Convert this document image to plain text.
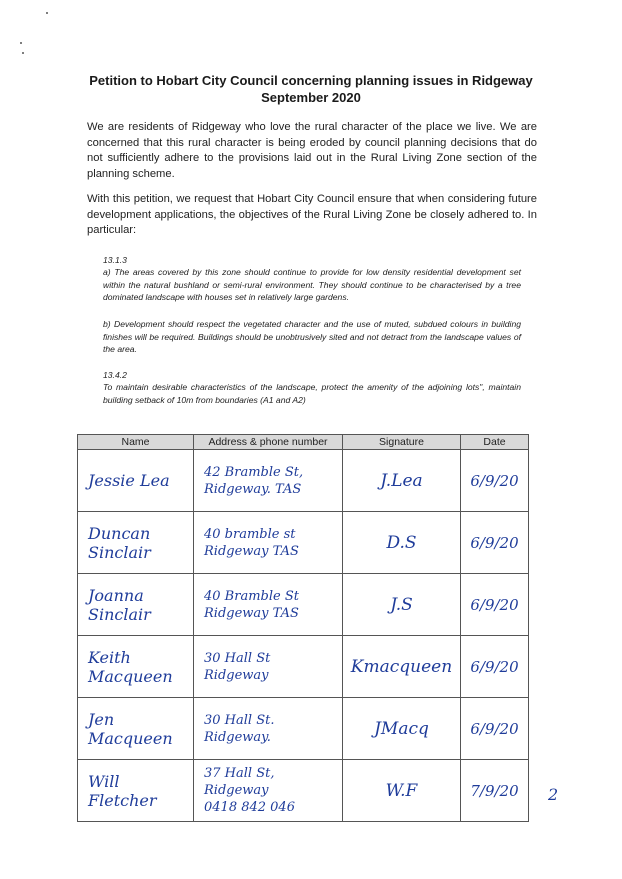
Petition to Hobart City Council concerning planning issues in Ridgeway
September 2020
We are residents of Ridgeway who love the rural character of the place we live. We are concerned that this rural character is being eroded by council planning decisions that do not sufficiently adhere to the provisions laid out in the Rural Living Zone section of the planning scheme.
With this petition, we request that Hobart City Council ensure that when considering future development applications, the objectives of the Rural Living Zone be closely adhered to. In particular:
13.1.3
a) The areas covered by this zone should continue to provide for low density residential development set within the natural bushland or semi-rural environment. They should continue to be characterised by a tree dominated landscape with houses set in relatively large gardens.
b) Development should respect the vegetated character and the use of muted, subdued colours in building finishes will be required. Buildings should be unobtrusively sited and not detract from the landscape values of the area.
13.4.2
To maintain desirable characteristics of the landscape, protect the amenity of the adjoining lots", maintain building setback of 10m from boundaries (A1 and A2)
Name	Address & phone number	Signature	Date

Jessie Lea	42 Bramble St,
Ridgeway. TAS	J.Lea	6/9/20

Duncan
Sinclair	40 bramble st
Ridgeway TAS	D.S	6/9/20

Joanna
Sinclair	40 Bramble St
Ridgeway TAS	J.S	6/9/20

Keith
Macqueen	30 Hall St
Ridgeway	Kmacqueen	6/9/20

Jen
Macqueen	30 Hall St.
Ridgeway.	JMacq	6/9/20

Will
Fletcher	37 Hall St, Ridgeway
0418 842 046	W.F	7/9/20	2
